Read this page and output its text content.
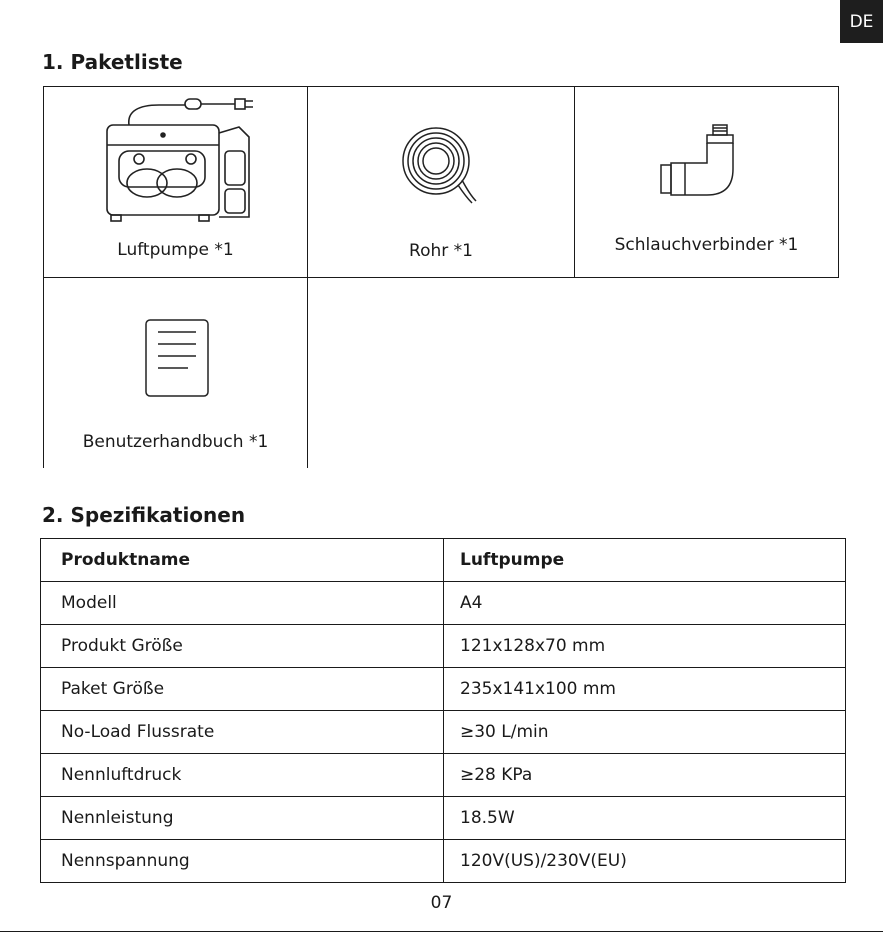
DE
1. Paketliste
Luftpumpe *1	Rohr *1	Schlauchverbinder *1
Benutzerhandbuch *1
2. Spezifikationen
Produktname	Luftpumpe
Modell	A4
Produkt Größe	121x128x70 mm
Paket Größe	235x141x100 mm
No-Load Flussrate	≥30 L/min
Nennluftdruck	≥28 KPa
Nennleistung	18.5W
Nennspannung	120V(US)/230V(EU)
07
